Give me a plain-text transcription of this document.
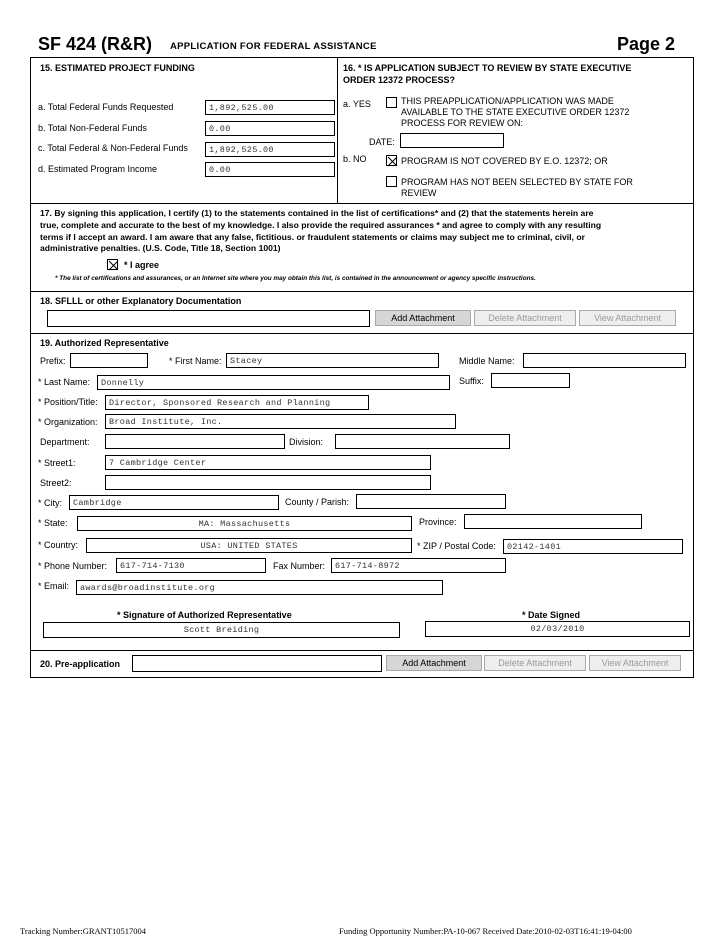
SF 424 (R&R) APPLICATION FOR FEDERAL ASSISTANCE	Page 2
15. ESTIMATED PROJECT FUNDING
a. Total Federal Funds Requested	1,892,525.00
b. Total Non-Federal Funds	0.00
c. Total Federal & Non-Federal Funds	1,892,525.00
d. Estimated Program Income	0.00
16. * IS APPLICATION SUBJECT TO REVIEW BY STATE EXECUTIVE
ORDER 12372 PROCESS?
a. YES	THIS PREAPPLICATION/APPLICATION WAS MADE
AVAILABLE TO THE STATE EXECUTIVE ORDER 12372
PROCESS FOR REVIEW ON:
DATE:
b. NO	PROGRAM IS NOT COVERED BY E.O. 12372; OR
PROGRAM HAS NOT BEEN SELECTED BY STATE FOR
REVIEW
17. By signing this application, I certify (1) to the statements contained in the list of certifications* and (2) that the statements herein are
true, complete and accurate to the best of my knowledge. I also provide the required assurances * and agree to comply with any resulting
terms if I accept an award. I am aware that any false, fictitious. or fraudulent statements or claims may subject me to criminal, civil, or
administrative penalties. (U.S. Code, Title 18, Section 1001)
* I agree
* The list of certifications and assurances, or an Internet site where you may obtain this list, is contained in the announcement or agency specific instructions.
18. SFLLL or other Explanatory Documentation
Add Attachment	Delete Attachment	View Attachment
19. Authorized Representative
Prefix:	* First Name: Stacey	Middle Name:
* Last Name:	Donnelly	Suffix:
* Position/Title:	Director, Sponsored Research and Planning
* Organization:	Broad Institute, Inc.
Department:	Division:
* Street1:	7 Cambridge Center
Street2:
* City:	Cambridge	County / Parish:
* State:	MA: Massachusetts	Province:
* Country:	USA: UNITED STATES	* ZIP / Postal Code:	02142-1401
* Phone Number:	617-714-7130	Fax Number:	617-714-8972
* Email:	awards@broadinstitute.org
* Signature of Authorized Representative	* Date Signed
Scott Breiding	02/03/2010
20. Pre-application	Add Attachment	Delete Attachment	View Attachment
Tracking Number:GRANT10517004	Funding Opportunity Number:PA-10-067 Received Date:2010-02-03T16:41:19-04:00
